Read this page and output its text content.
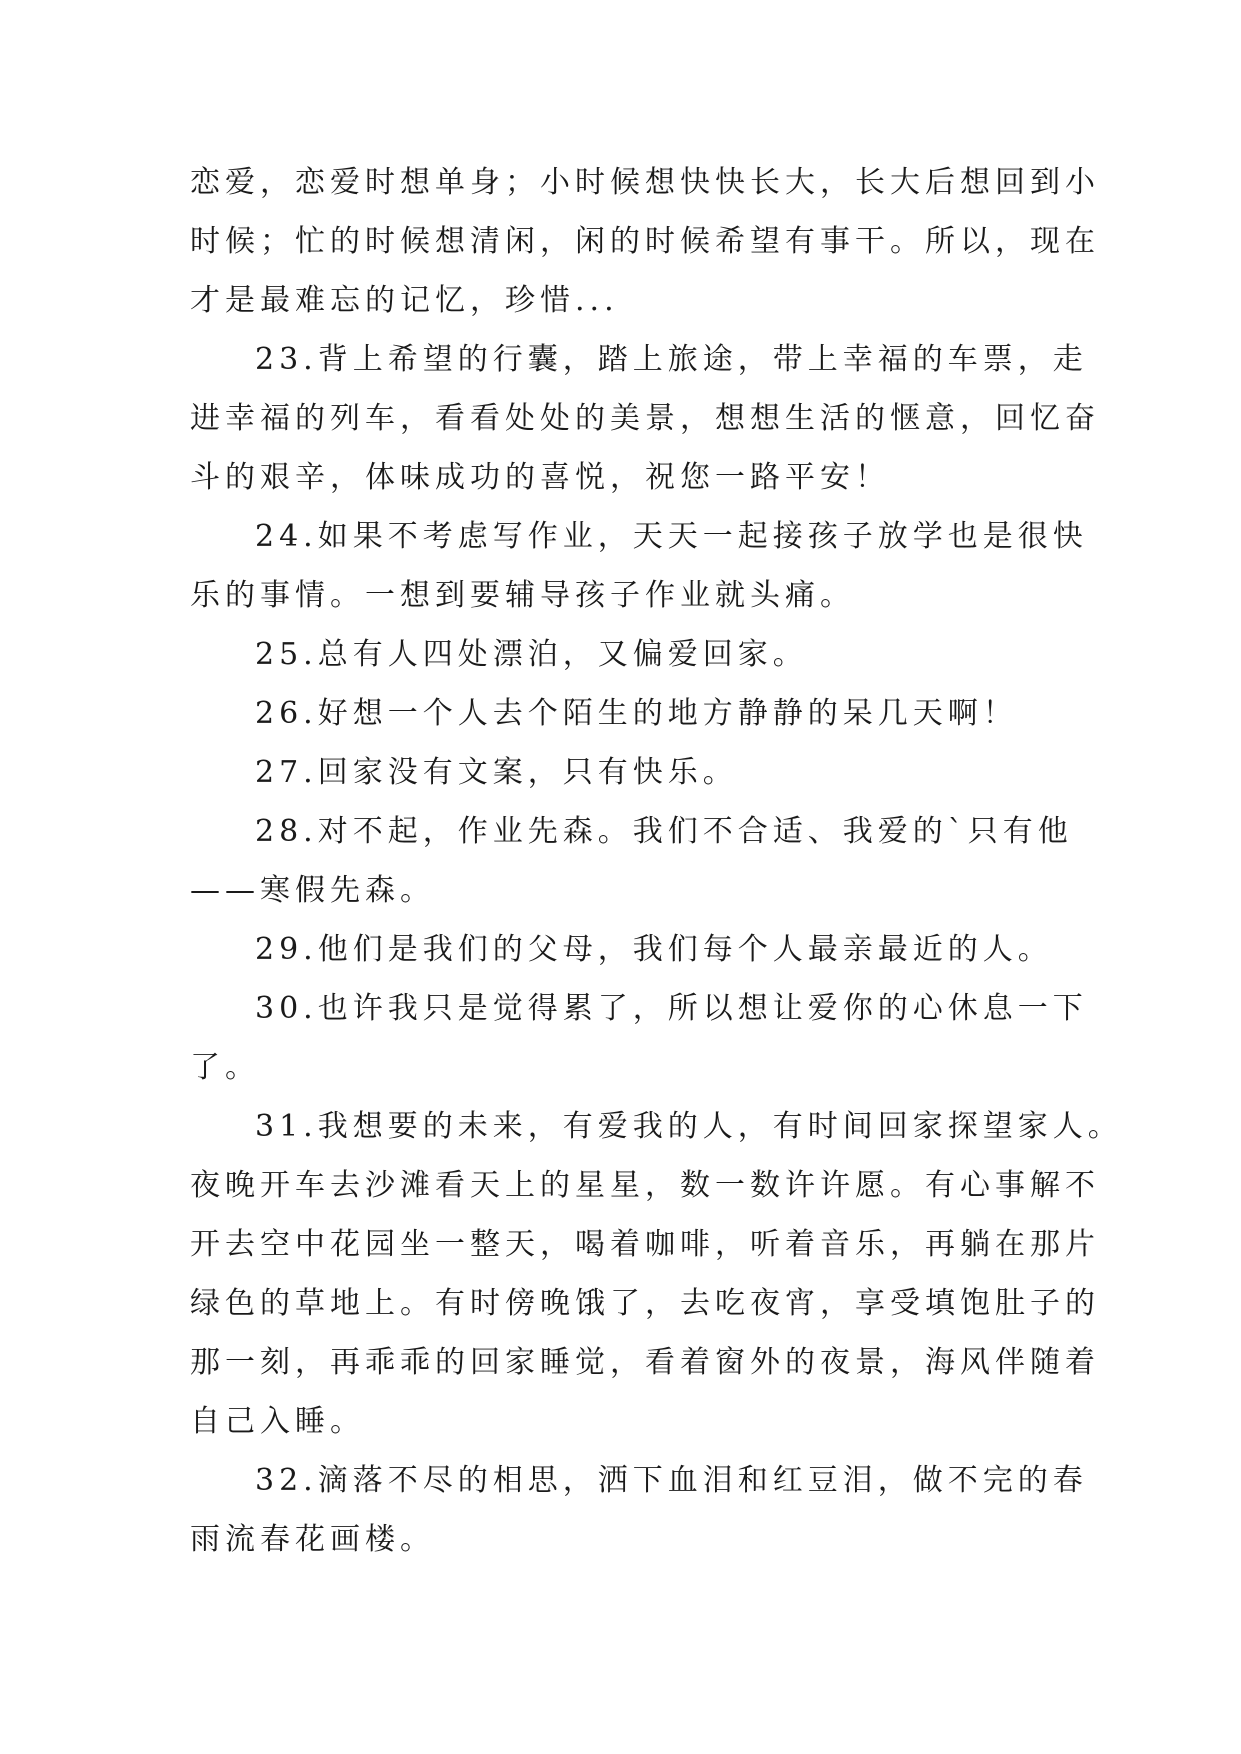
恋爱，恋爱时想单身；小时候想快快长大，长大后想回到小
时候；忙的时候想清闲，闲的时候希望有事干。所以，现在
才是最难忘的记忆，珍惜...
23.背上希望的行囊，踏上旅途，带上幸福的车票，走
进幸福的列车，看看处处的美景，想想生活的惬意，回忆奋
斗的艰辛，体味成功的喜悦，祝您一路平安！
24.如果不考虑写作业，天天一起接孩子放学也是很快
乐的事情。一想到要辅导孩子作业就头痛。
25.总有人四处漂泊，又偏爱回家。
26.好想一个人去个陌生的地方静静的呆几天啊！
27.回家没有文案，只有快乐。
28.对不起，作业先森。我们不合适、我爱的`只有他
——寒假先森。
29.他们是我们的父母，我们每个人最亲最近的人。
30.也许我只是觉得累了，所以想让爱你的心休息一下
了。
31.我想要的未来，有爱我的人，有时间回家探望家人。
夜晚开车去沙滩看天上的星星，数一数许许愿。有心事解不
开去空中花园坐一整天，喝着咖啡，听着音乐，再躺在那片
绿色的草地上。有时傍晚饿了，去吃夜宵，享受填饱肚子的
那一刻，再乖乖的回家睡觉，看着窗外的夜景，海风伴随着
自己入睡。
32.滴落不尽的相思，洒下血泪和红豆泪，做不完的春
雨流春花画楼。
